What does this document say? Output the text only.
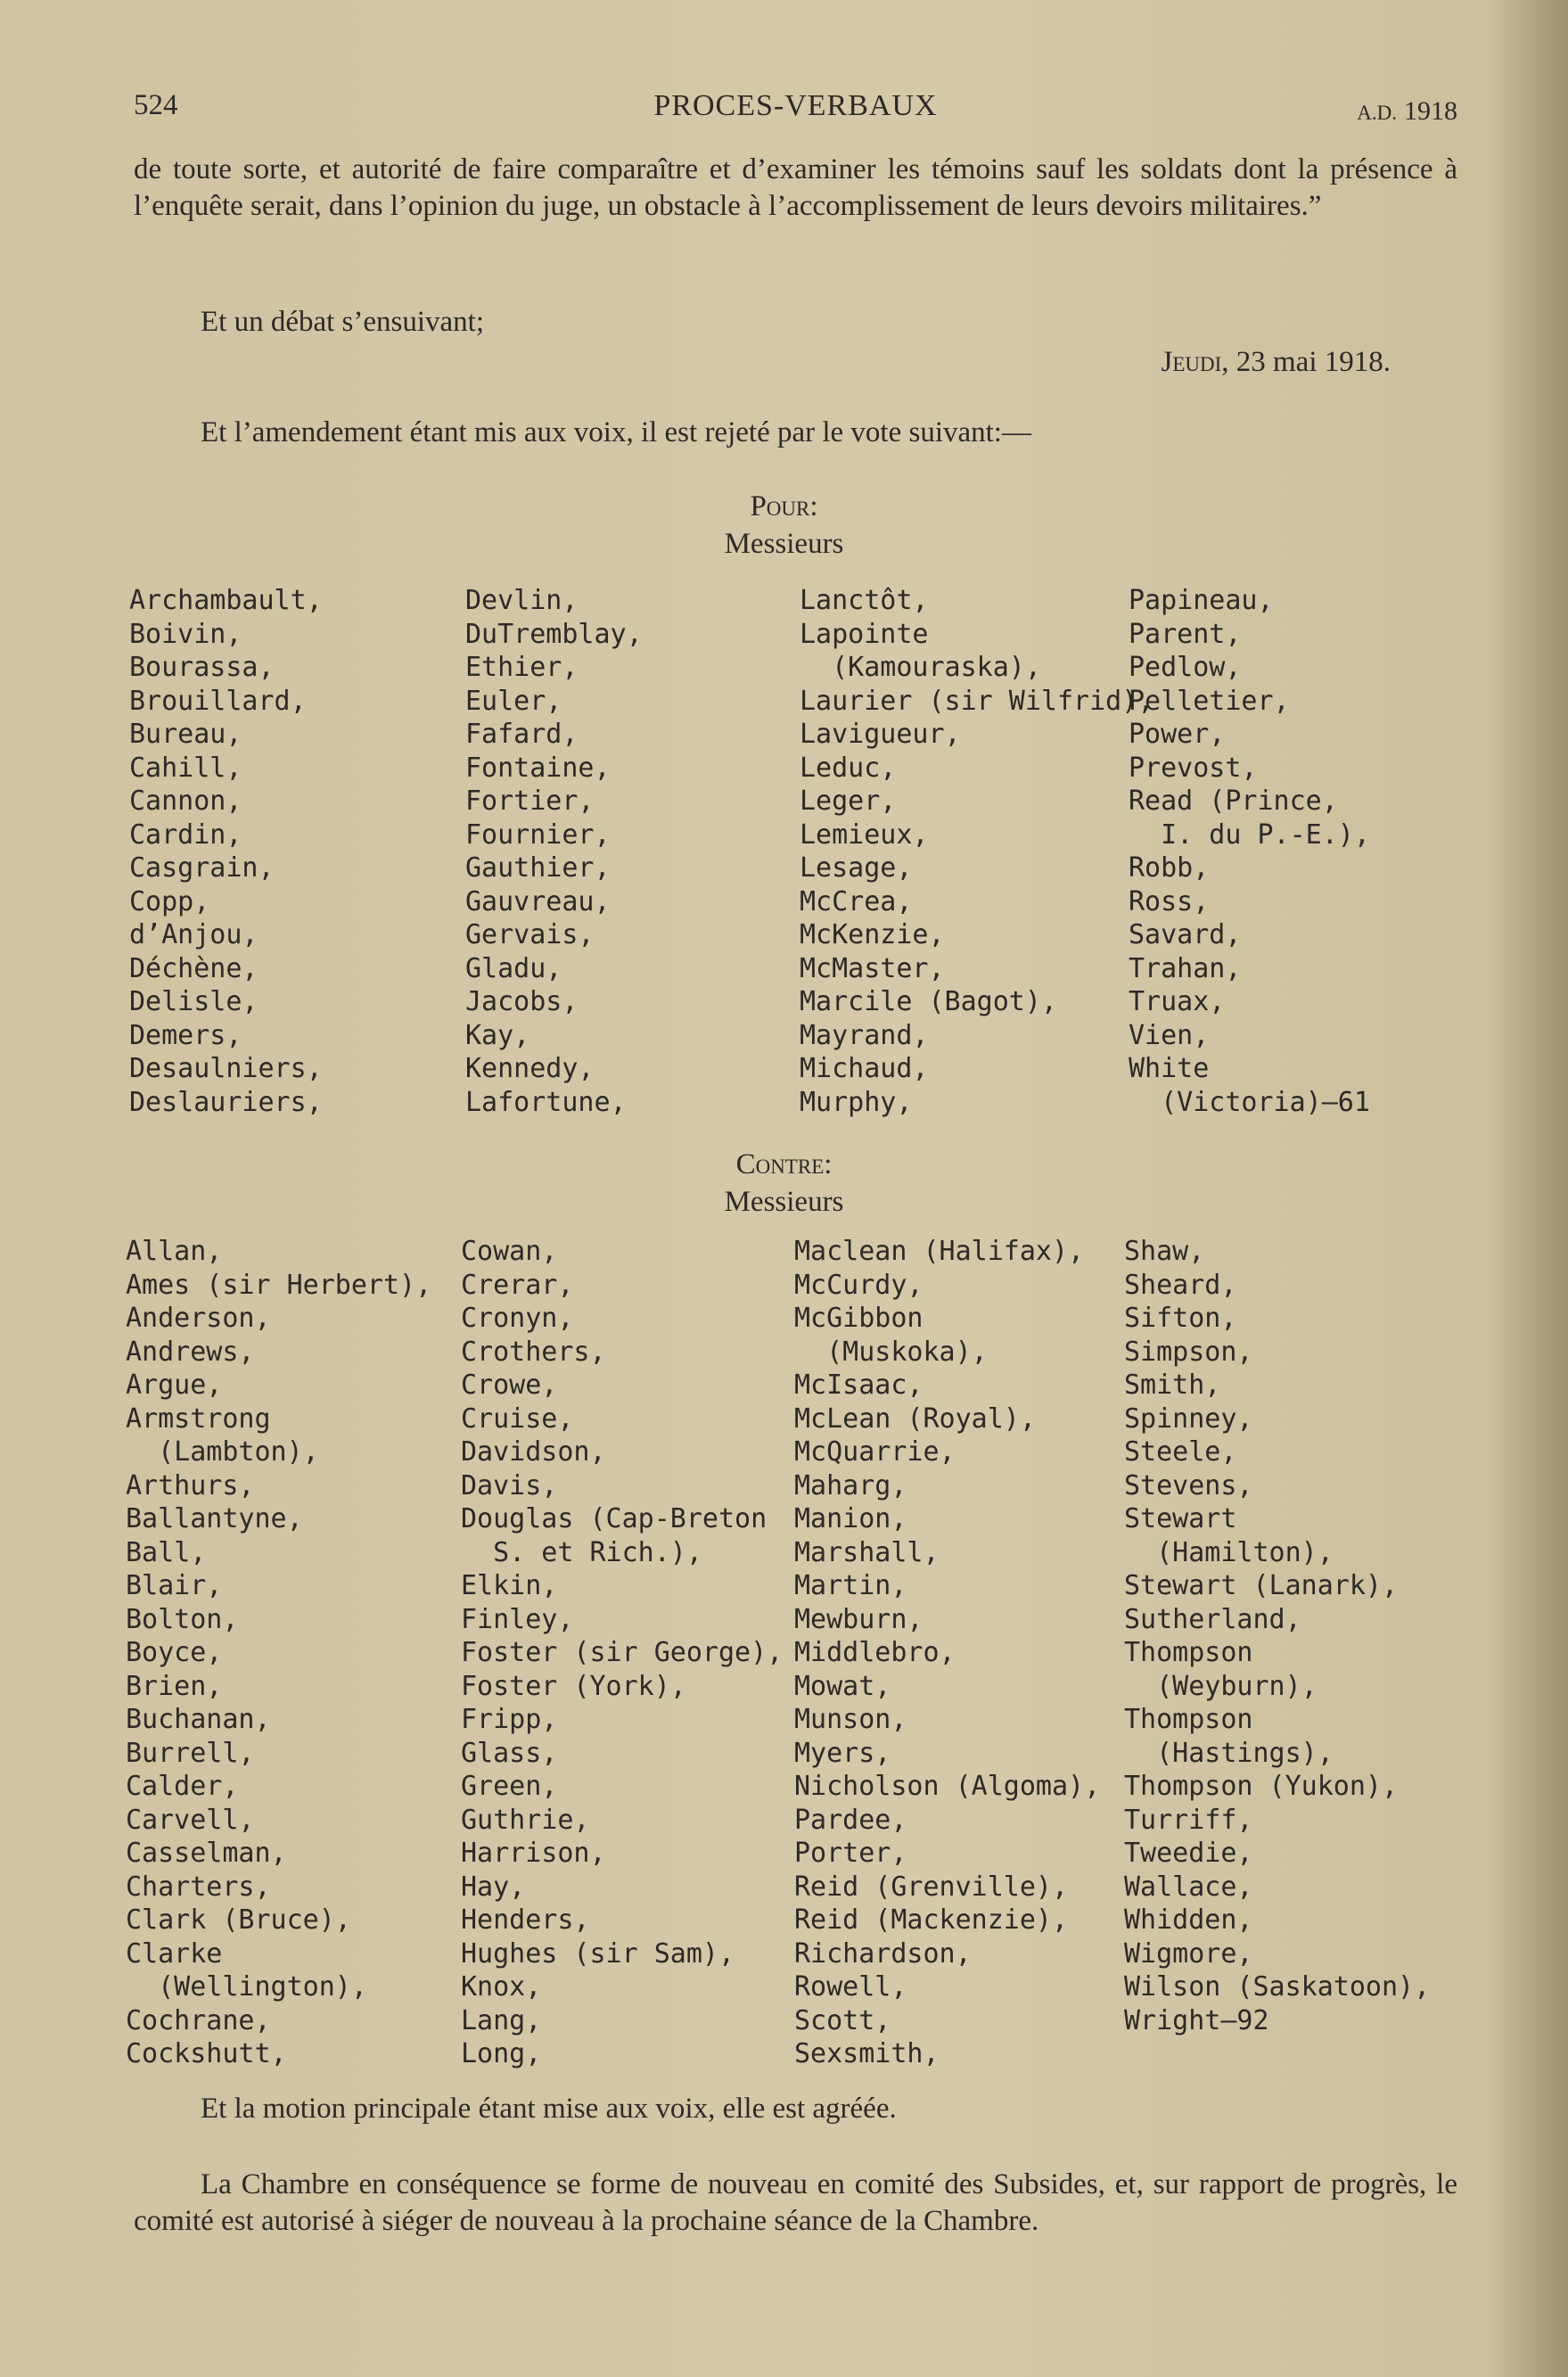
524	PROCES-VERBAUX	A.D. 1918

de toute sorte, et autorité de faire comparaître et d’examiner les témoins sauf les soldats dont la présence à l’enquête serait, dans l’opinion du juge, un obstacle à l’accomplissement de leurs devoirs militaires.”

Et un débat s’ensuivant;

Jeudi, 23 mai 1918.

Et l’amendement étant mis aux voix, il est rejeté par le vote suivant:—

Pour:
Messieurs
Archambault,
Boivin,
Bourassa,
Brouillard,
Bureau,
Cahill,
Cannon,
Cardin,
Casgrain,
Copp,
d’Anjou,
Déchène,
Delisle,
Demers,
Desaulniers,
Deslauriers,
Devlin,
DuTremblay,
Ethier,
Euler,
Fafard,
Fontaine,
Fortier,
Fournier,
Gauthier,
Gauvreau,
Gervais,
Gladu,
Jacobs,
Kay,
Kennedy,
Lafortune,
Lanctôt,
Lapointe
(Kamouraska),
Laurier (sir Wilfrid),
Lavigueur,
Leduc,
Leger,
Lemieux,
Lesage,
McCrea,
McKenzie,
McMaster,
Marcile (Bagot),
Mayrand,
Michaud,
Murphy,
Papineau,
Parent,
Pedlow,
Pelletier,
Power,
Prevost,
Read (Prince,
I. du P.-E.),
Robb,
Ross,
Savard,
Trahan,
Truax,
Vien,
White
(Victoria)—61
Contre:
Messieurs
Allan,
Ames (sir Herbert),
Anderson,
Andrews,
Argue,
Armstrong
(Lambton),
Arthurs,
Ballantyne,
Ball,
Blair,
Bolton,
Boyce,
Brien,
Buchanan,
Burrell,
Calder,
Carvell,
Casselman,
Charters,
Clark (Bruce),
Clarke
(Wellington),
Cochrane,
Cockshutt,
Cowan,
Crerar,
Cronyn,
Crothers,
Crowe,
Cruise,
Davidson,
Davis,
Douglas (Cap-Breton
S. et Rich.),
Elkin,
Finley,
Foster (sir George),
Foster (York),
Fripp,
Glass,
Green,
Guthrie,
Harrison,
Hay,
Henders,
Hughes (sir Sam),
Knox,
Lang,
Long,
Maclean (Halifax),
McCurdy,
McGibbon
(Muskoka),
McIsaac,
McLean (Royal),
McQuarrie,
Maharg,
Manion,
Marshall,
Martin,
Mewburn,
Middlebro,
Mowat,
Munson,
Myers,
Nicholson (Algoma),
Pardee,
Porter,
Reid (Grenville),
Reid (Mackenzie),
Richardson,
Rowell,
Scott,
Sexsmith,
Shaw,
Sheard,
Sifton,
Simpson,
Smith,
Spinney,
Steele,
Stevens,
Stewart
(Hamilton),
Stewart (Lanark),
Sutherland,
Thompson
(Weyburn),
Thompson
(Hastings),
Thompson (Yukon),
Turriff,
Tweedie,
Wallace,
Whidden,
Wigmore,
Wilson (Saskatoon),
Wright—92

Et la motion principale étant mise aux voix, elle est agréée.

La Chambre en conséquence se forme de nouveau en comité des Subsides, et, sur rapport de progrès, le comité est autorisé à siéger de nouveau à la prochaine séance de la Chambre.
